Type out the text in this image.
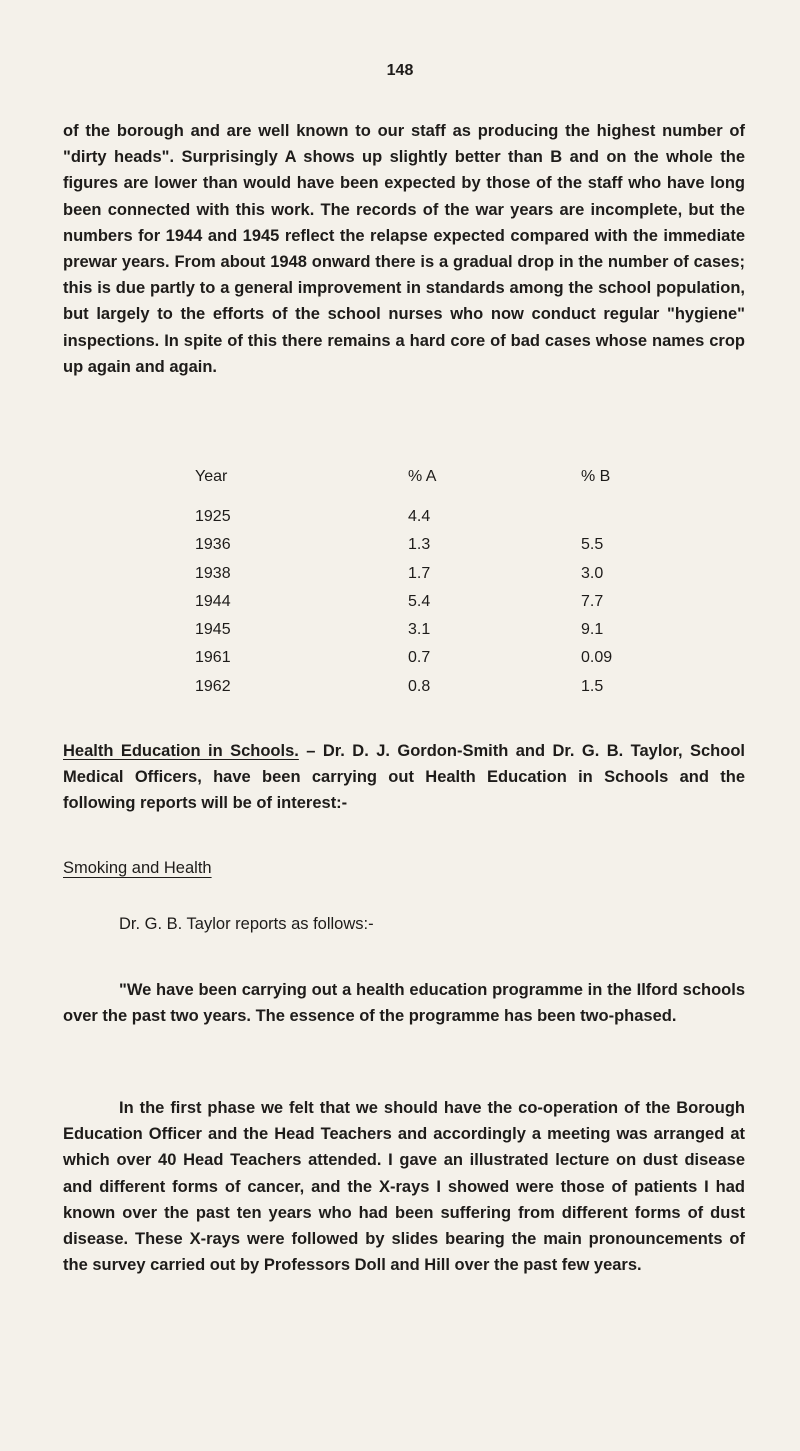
148

of the borough and are well known to our staff as producing the highest number of "dirty heads". Surprisingly A shows up slightly better than B and on the whole the figures are lower than would have been expected by those of the staff who have long been connected with this work. The records of the war years are incomplete, but the numbers for 1944 and 1945 reflect the relapse expected compared with the immediate prewar years. From about 1948 onward there is a gradual drop in the number of cases; this is due partly to a general improvement in standards among the school population, but largely to the efforts of the school nurses who now conduct regular "hygiene" inspections. In spite of this there remains a hard core of bad cases whose names crop up again and again.

Year	% A	% B
1925	4.4
1936	1.3	5.5
1938	1.7	3.0
1944	5.4	7.7
1945	3.1	9.1
1961	0.7	0.09
1962	0.8	1.5

Health Education in Schools. – Dr. D. J. Gordon-Smith and Dr. G. B. Taylor, School Medical Officers, have been carrying out Health Education in Schools and the following reports will be of interest:-

Smoking and Health

Dr. G. B. Taylor reports as follows:-

"We have been carrying out a health education programme in the Ilford schools over the past two years. The essence of the programme has been two-phased.

In the first phase we felt that we should have the co-operation of the Borough Education Officer and the Head Teachers and accordingly a meeting was arranged at which over 40 Head Teachers attended. I gave an illustrated lecture on dust disease and different forms of cancer, and the X-rays I showed were those of patients I had known over the past ten years who had been suffering from different forms of dust disease. These X-rays were followed by slides bearing the main pronouncements of the survey carried out by Professors Doll and Hill over the past few years.
